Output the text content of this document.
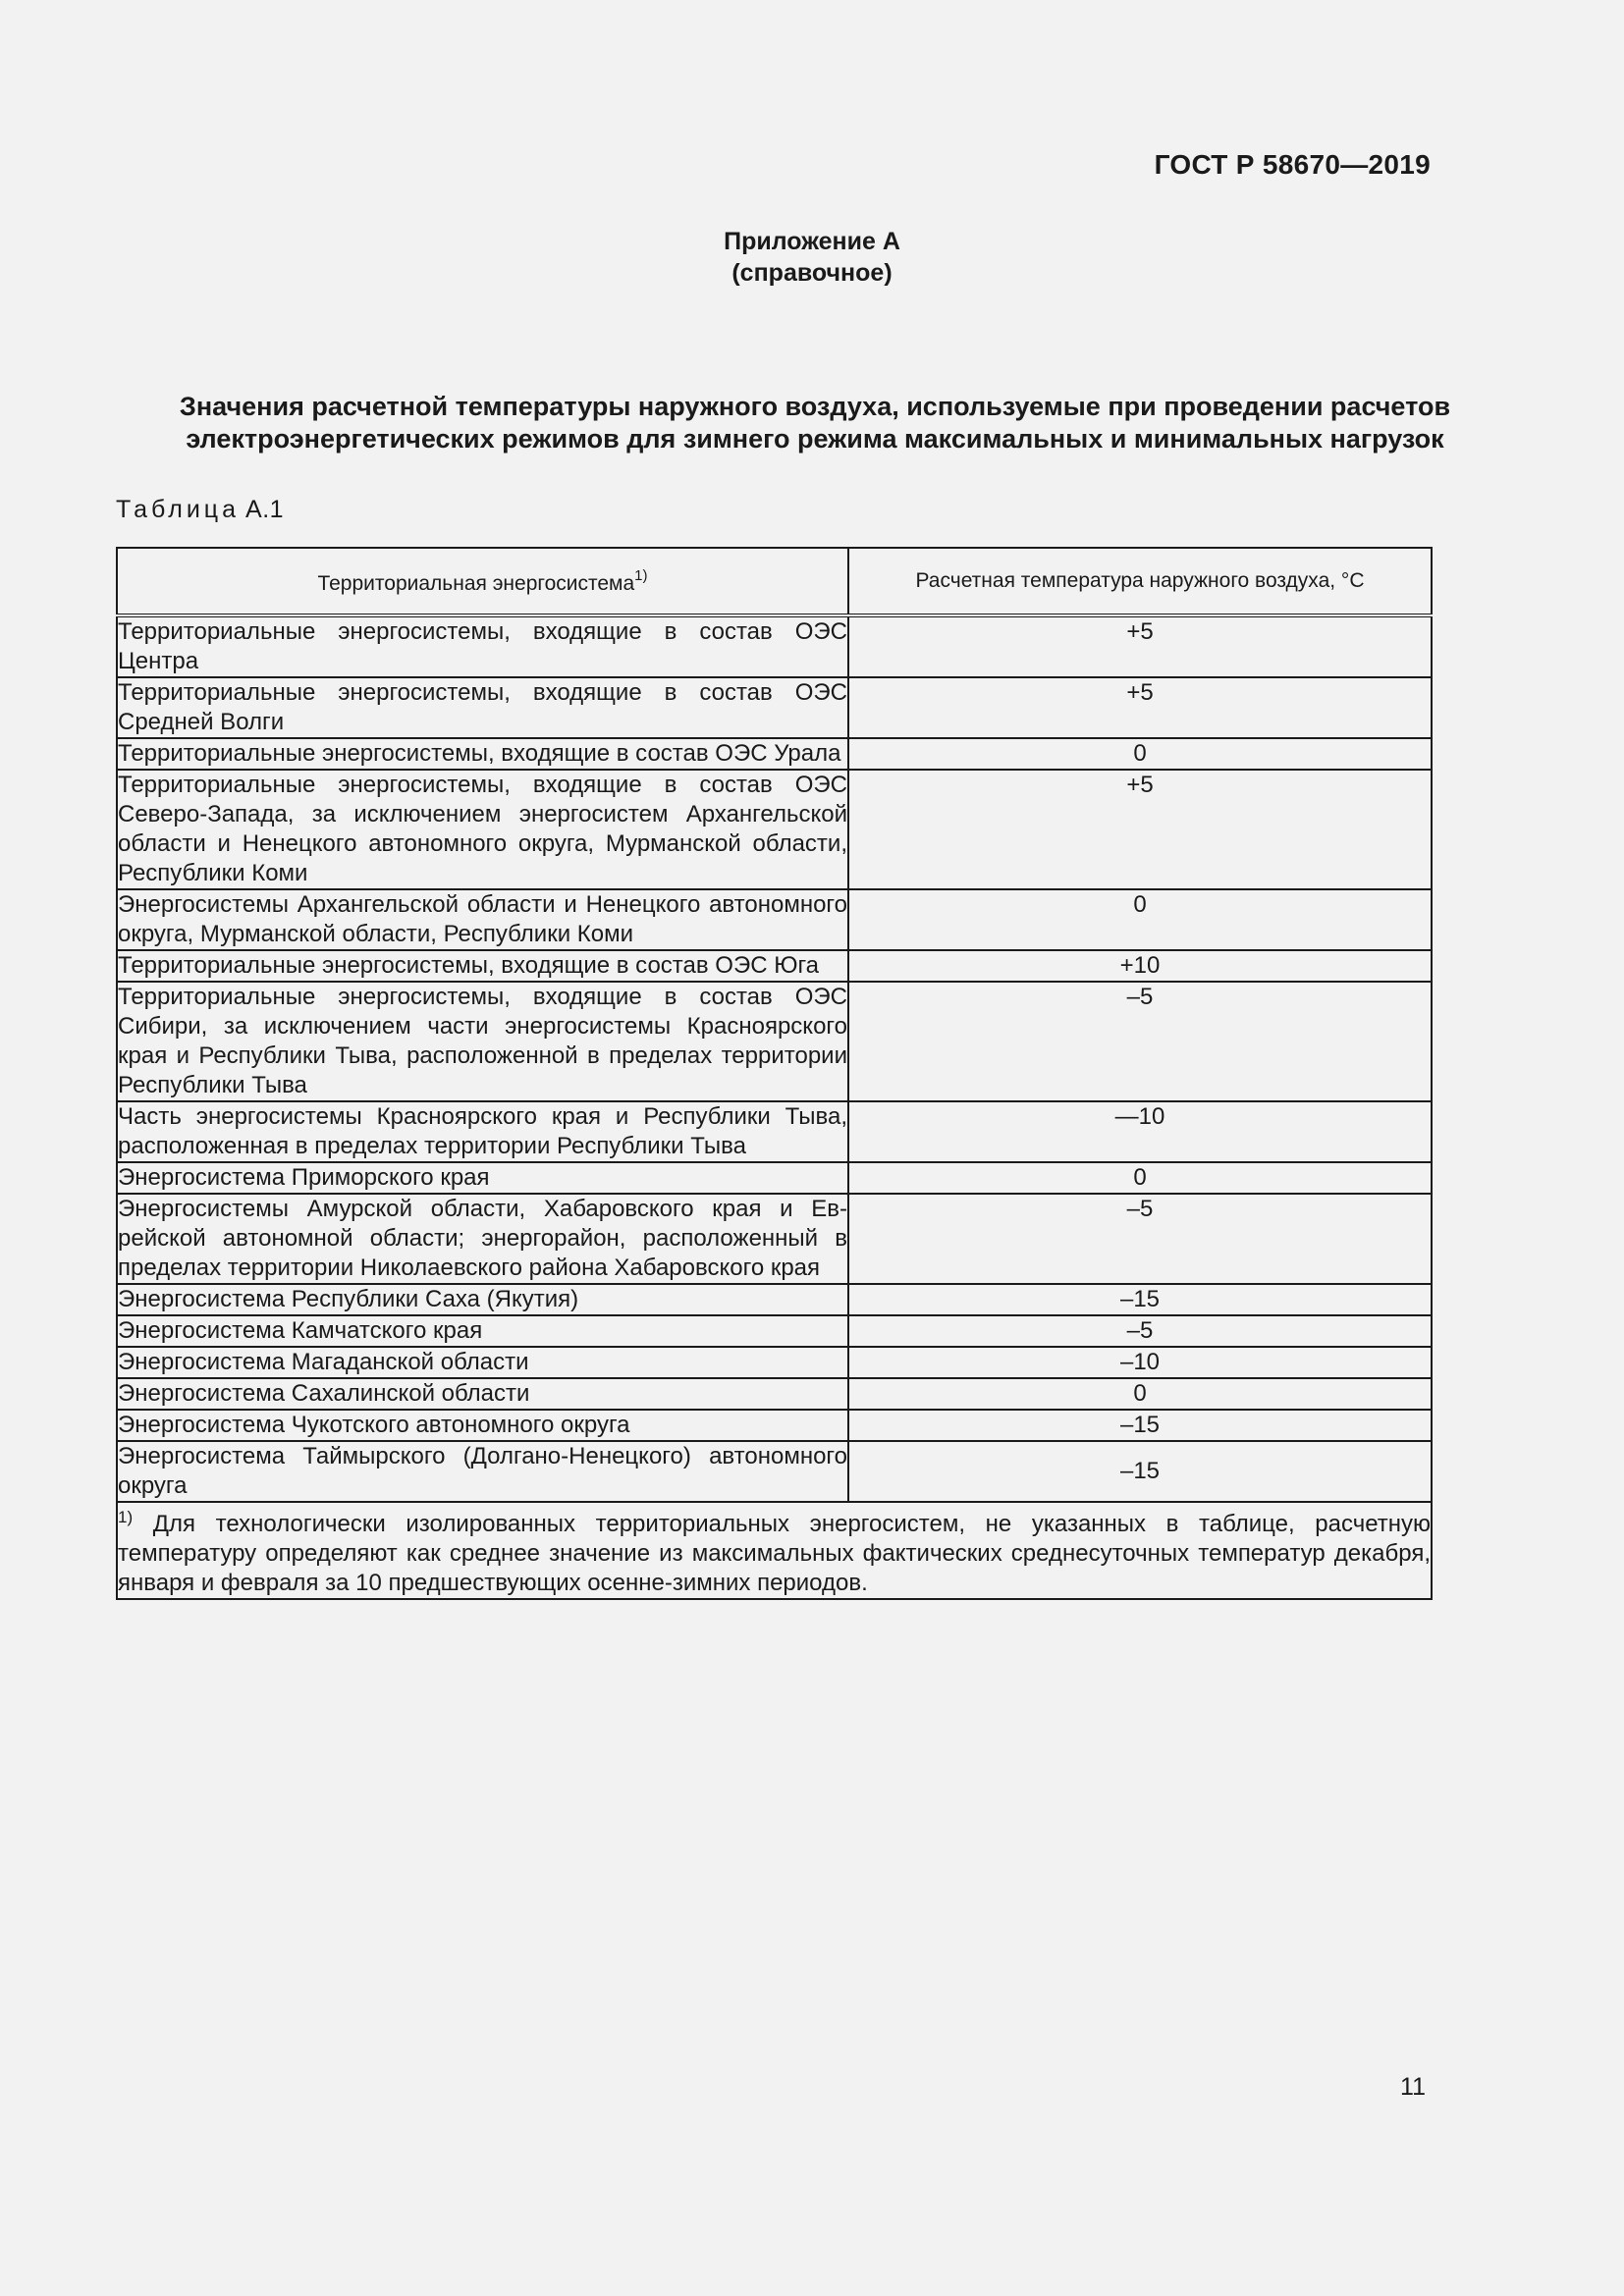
ГОСТ Р 58670—2019
Приложение А
(справочное)
Значения расчетной температуры наружного воздуха, используемые при проведении расчетов
электроэнергетических режимов для зимнего режима максимальных и минимальных нагрузок
Таблица А.1
Территориальная энергосистема$^{1)}$	Расчетная температура наружного воздуха, °C
Территориальные энергосистемы, входящие в состав ОЭС Центра	+5
Территориальные энергосистемы, входящие в состав ОЭС Средней Волги	+5
Территориальные энергосистемы, входящие в состав ОЭС Урала	0
Территориальные энергосистемы, входящие в состав ОЭС Северо-Запада, за исключением энергосистем Архангельской области и Ненецкого автономного округа, Мурманской области, Республики Коми	+5
Энергосистемы Архангельской области и Ненецкого автономного округа, Мурманской области, Республики Коми	0
Территориальные энергосистемы, входящие в состав ОЭС Юга	+10
Территориальные энергосистемы, входящие в состав ОЭС Сибири, за исключением части энергосистемы Красноярского края и Республики Тыва, расположенной в пределах территории Республики Тыва	–5
Часть энергосистемы Красноярского края и Республики Тыва, расположенная в пределах территории Республики Тыва	—10
Энергосистема Приморского края	0
Энергосистемы Амурской области, Хабаровского края и Еврейской автономной области; энергорайон, расположенный в пределах территории Николаевского района Хабаровского края	–5
Энергосистема Республики Саха (Якутия)	–15
Энергосистема Камчатского края	–5
Энергосистема Магаданской области	–10
Энергосистема Сахалинской области	0
Энергосистема Чукотского автономного округа	–15
Энергосистема Таймырского (Долгано-Ненецкого) автономного округа	–15
$^{1)}$ Для технологически изолированных территориальных энергосистем, не указанных в таблице, расчетную температуру определяют как среднее значение из максимальных фактических среднесуточных температур декабря, января и февраля за 10 предшествующих осенне-зимних периодов.	
11
